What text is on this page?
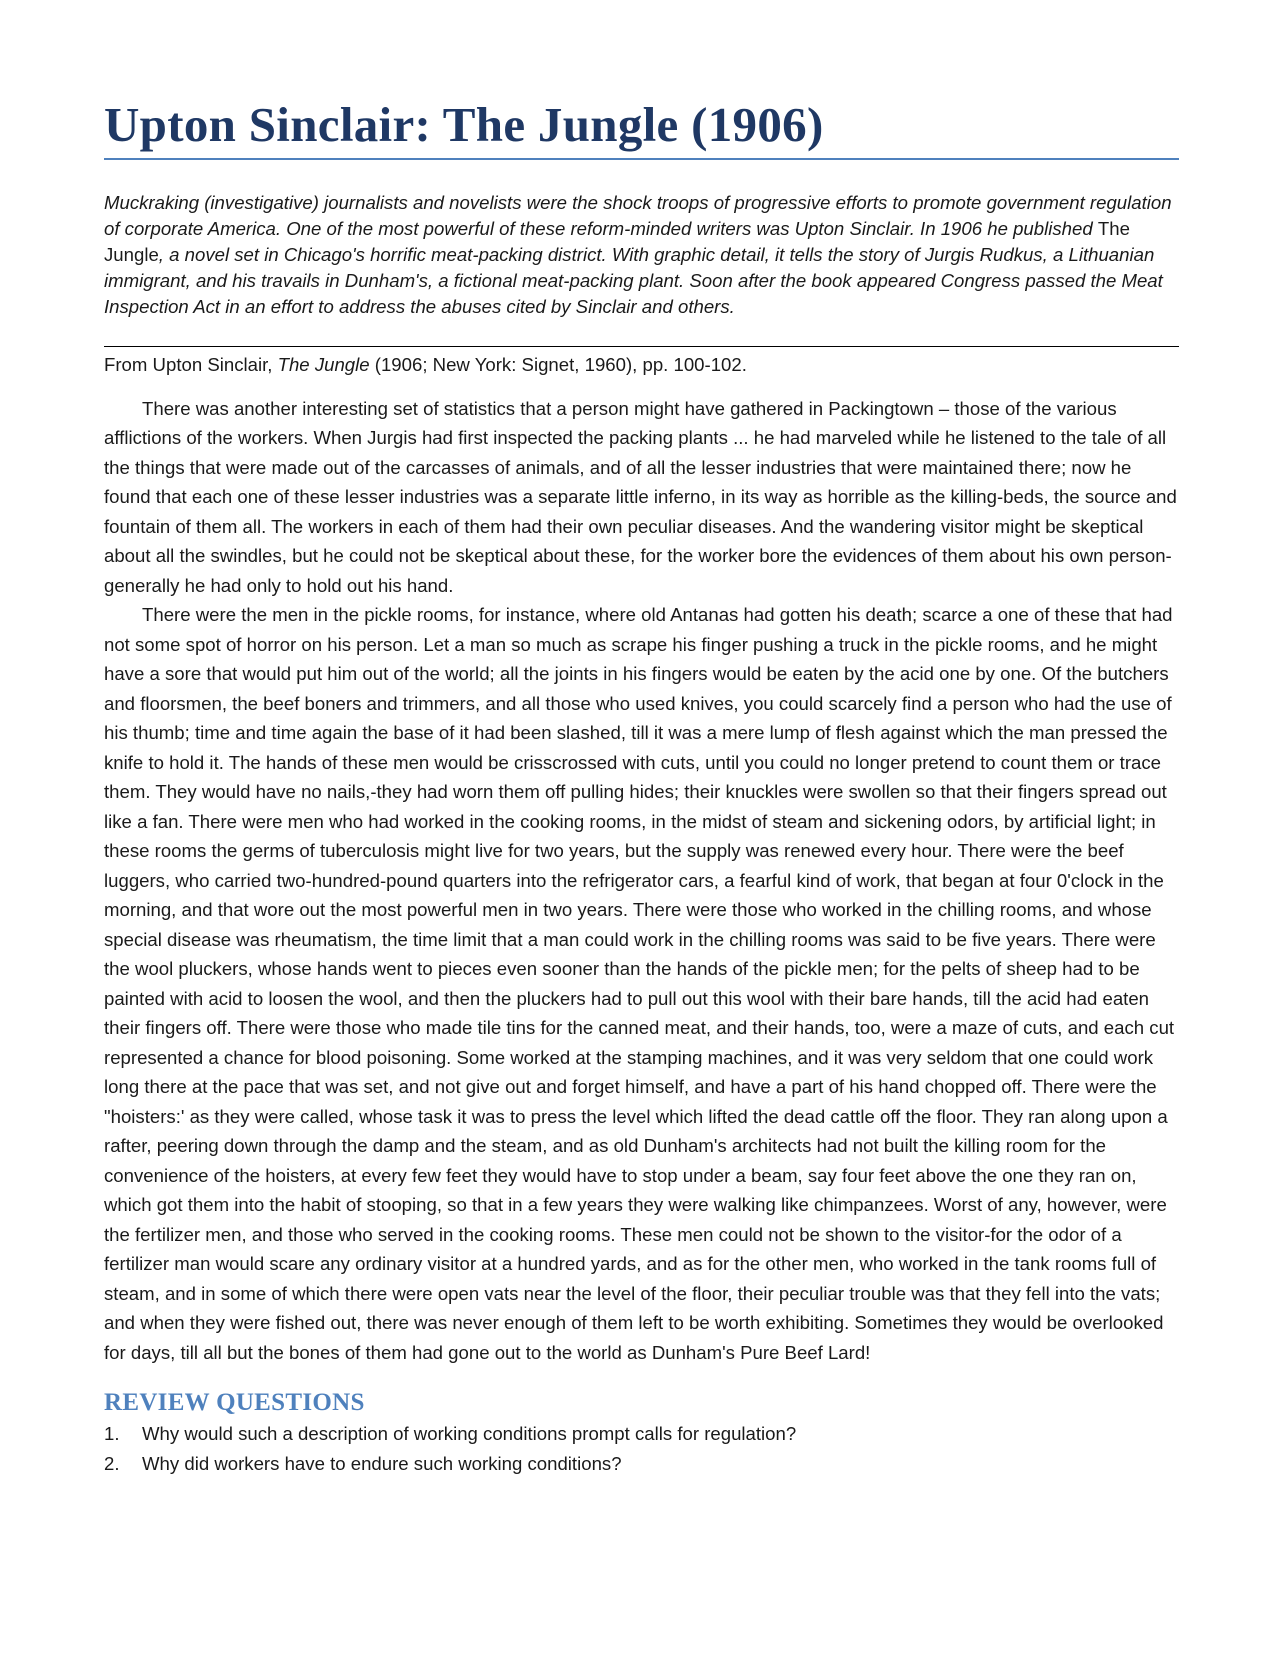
Upton Sinclair: The Jungle (1906)
Muckraking (investigative) journalists and novelists were the shock troops of progressive efforts to promote government regulation of corporate America. One of the most powerful of these reform-minded writers was Upton Sinclair. In 1906 he published The Jungle, a novel set in Chicago's horrific meat-packing district. With graphic detail, it tells the story of Jurgis Rudkus, a Lithuanian immigrant, and his travails in Dunham's, a fictional meat-packing plant. Soon after the book appeared Congress passed the Meat Inspection Act in an effort to address the abuses cited by Sinclair and others.
From Upton Sinclair, The Jungle (1906; New York: Signet, 1960), pp. 100-102.

There was another interesting set of statistics that a person might have gathered in Packingtown – those of the various afflictions of the workers. When Jurgis had first inspected the packing plants ... he had marveled while he listened to the tale of all the things that were made out of the carcasses of animals, and of all the lesser industries that were maintained there; now he found that each one of these lesser industries was a separate little inferno, in its way as horrible as the killing-beds, the source and fountain of them all. The workers in each of them had their own peculiar diseases. And the wandering visitor might be skeptical about all the swindles, but he could not be skeptical about these, for the worker bore the evidences of them about his own person-generally he had only to hold out his hand.

There were the men in the pickle rooms, for instance, where old Antanas had gotten his death; scarce a one of these that had not some spot of horror on his person. Let a man so much as scrape his finger pushing a truck in the pickle rooms, and he might have a sore that would put him out of the world; all the joints in his fingers would be eaten by the acid one by one. Of the butchers and floorsmen, the beef boners and trimmers, and all those who used knives, you could scarcely find a person who had the use of his thumb; time and time again the base of it had been slashed, till it was a mere lump of flesh against which the man pressed the knife to hold it. The hands of these men would be crisscrossed with cuts, until you could no longer pretend to count them or trace them. They would have no nails,-they had worn them off pulling hides; their knuckles were swollen so that their fingers spread out like a fan. There were men who had worked in the cooking rooms, in the midst of steam and sickening odors, by artificial light; in these rooms the germs of tuberculosis might live for two years, but the supply was renewed every hour. There were the beef luggers, who carried two-hundred-pound quarters into the refrigerator cars, a fearful kind of work, that began at four 0'clock in the morning, and that wore out the most powerful men in two years. There were those who worked in the chilling rooms, and whose special disease was rheumatism, the time limit that a man could work in the chilling rooms was said to be five years. There were the wool pluckers, whose hands went to pieces even sooner than the hands of the pickle men; for the pelts of sheep had to be painted with acid to loosen the wool, and then the pluckers had to pull out this wool with their bare hands, till the acid had eaten their fingers off. There were those who made tile tins for the canned meat, and their hands, too, were a maze of cuts, and each cut represented a chance for blood poisoning. Some worked at the stamping machines, and it was very seldom that one could work long there at the pace that was set, and not give out and forget himself, and have a part of his hand chopped off. There were the "hoisters:' as they were called, whose task it was to press the level which lifted the dead cattle off the floor. They ran along upon a rafter, peering down through the damp and the steam, and as old Dunham's architects had not built the killing room for the convenience of the hoisters, at every few feet they would have to stop under a beam, say four feet above the one they ran on, which got them into the habit of stooping, so that in a few years they were walking like chimpanzees. Worst of any, however, were the fertilizer men, and those who served in the cooking rooms. These men could not be shown to the visitor-for the odor of a fertilizer man would scare any ordinary visitor at a hundred yards, and as for the other men, who worked in the tank rooms full of steam, and in some of which there were open vats near the level of the floor, their peculiar trouble was that they fell into the vats; and when they were fished out, there was never enough of them left to be worth exhibiting. Sometimes they would be overlooked for days, till all but the bones of them had gone out to the world as Dunham's Pure Beef Lard!

REVIEW QUESTIONS
1.	Why would such a description of working conditions prompt calls for regulation?
2.	Why did workers have to endure such working conditions?
